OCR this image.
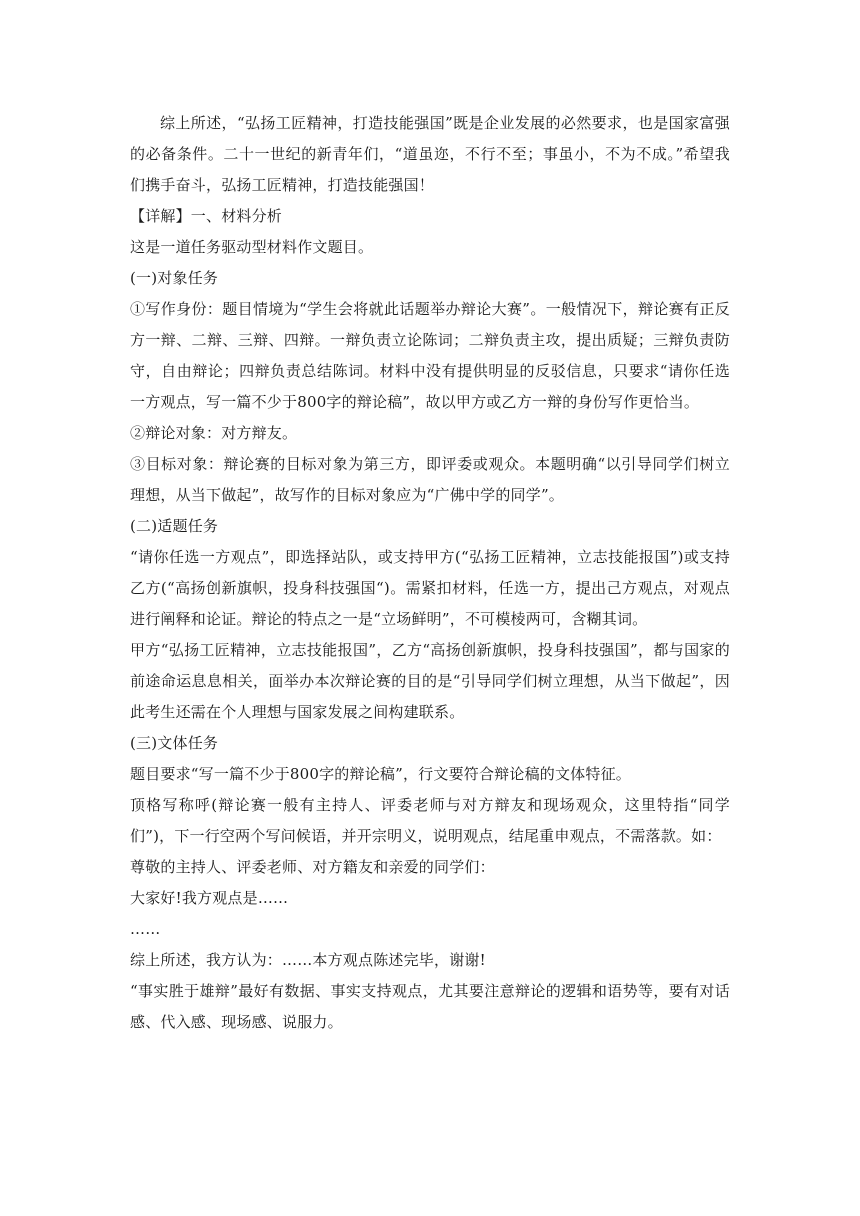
综上所述，“弘扬工匠精神，打造技能强国”既是企业发展的必然要求，也是国家富强的必备条件。二十一世纪的新青年们，“道虽迩，不行不至；事虽小，不为不成。”希望我们携手奋斗，弘扬工匠精神，打造技能强国！

【详解】一、材料分析

这是一道任务驱动型材料作文题目。

(一)对象任务

①写作身份：题目情境为“学生会将就此话题举办辩论大赛”。一般情况下，辩论赛有正反方一辩、二辩、三辩、四辩。一辩负责立论陈词；二辩负责主攻，提出质疑；三辩负责防守，自由辩论；四辩负责总结陈词。材料中没有提供明显的反驳信息，只要求“请你任选一方观点，写一篇不少于800字的辩论稿”，故以甲方或乙方一辩的身份写作更恰当。

②辩论对象：对方辩友。

③目标对象：辩论赛的目标对象为第三方，即评委或观众。本题明确“以引导同学们树立理想，从当下做起”，故写作的目标对象应为“广佛中学的同学”。

(二)适题任务

“请你任选一方观点”，即选择站队，或支持甲方(“弘扬工匠精神，立志技能报国”)或支持乙方(“高扬创新旗帜，投身科技强国“)。需紧扣材料，任选一方，提出己方观点，对观点进行阐释和论证。辩论的特点之一是“立场鲜明”，不可模棱两可，含糊其词。

甲方“弘扬工匠精神，立志技能报国”，乙方“高扬创新旗帜，投身科技强国”，都与国家的前途命运息息相关，面举办本次辩论赛的目的是“引导同学们树立理想，从当下做起”，因此考生还需在个人理想与国家发展之间构建联系。

(三)文体任务

题目要求“写一篇不少于800字的辩论稿”，行文要符合辩论稿的文体特征。

顶格写称呼(辩论赛一般有主持人、评委老师与对方辩友和现场观众，这里特指“同学们”)，下一行空两个写问候语，并开宗明义，说明观点，结尾重申观点，不需落款。如：

尊敬的主持人、评委老师、对方籍友和亲爱的同学们：

大家好!我方观点是……

……

综上所述，我方认为：……本方观点陈述完毕，谢谢!

“事实胜于雄辩”最好有数据、事实支持观点，尤其要注意辩论的逻辑和语势等，要有对话感、代入感、现场感、说服力。
